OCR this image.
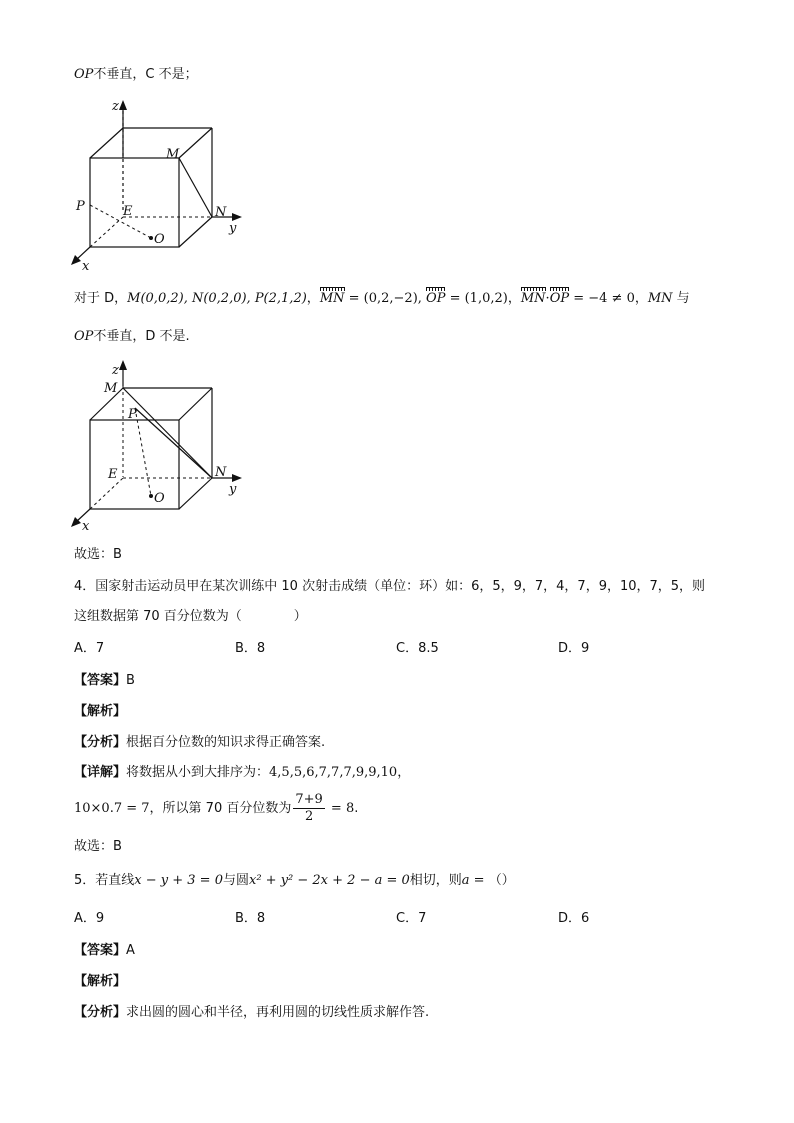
OP不垂直，C 不是；
z
y
x
M
N
P	E
O
对于 D，M(0,0,2), N(0,2,0), P(2,1,2)，MN = (0,2,−2), OP = (1,0,2)，MN·OP = −4 ≠ 0，MN 与
OP不垂直，D 不是.
z
y
x
M
N
P
E
O
故选：B
4．国家射击运动员甲在某次训练中 10 次射击成绩（单位：环）如：6，5，9，7，4，7，9，10，7，5，则
这组数据第 70 百分位数为（　　　　）
A．7	B．8	C．8.5	D．9
【答案】B
【解析】
【分析】根据百分位数的知识求得正确答案.
【详解】将数据从小到大排序为：4,5,5,6,7,7,7,9,9,10，
10×0.7 = 7，所以第 70 百分位数为 $\frac{7+9}{2} = 8$.
故选：B
5．若直线x − y + 3 = 0与圆x² + y² − 2x + 2 − a = 0相切，则a = （）
A．9	B．8	C．7	D．6
【答案】A
【解析】
【分析】求出圆的圆心和半径，再利用圆的切线性质求解作答.
